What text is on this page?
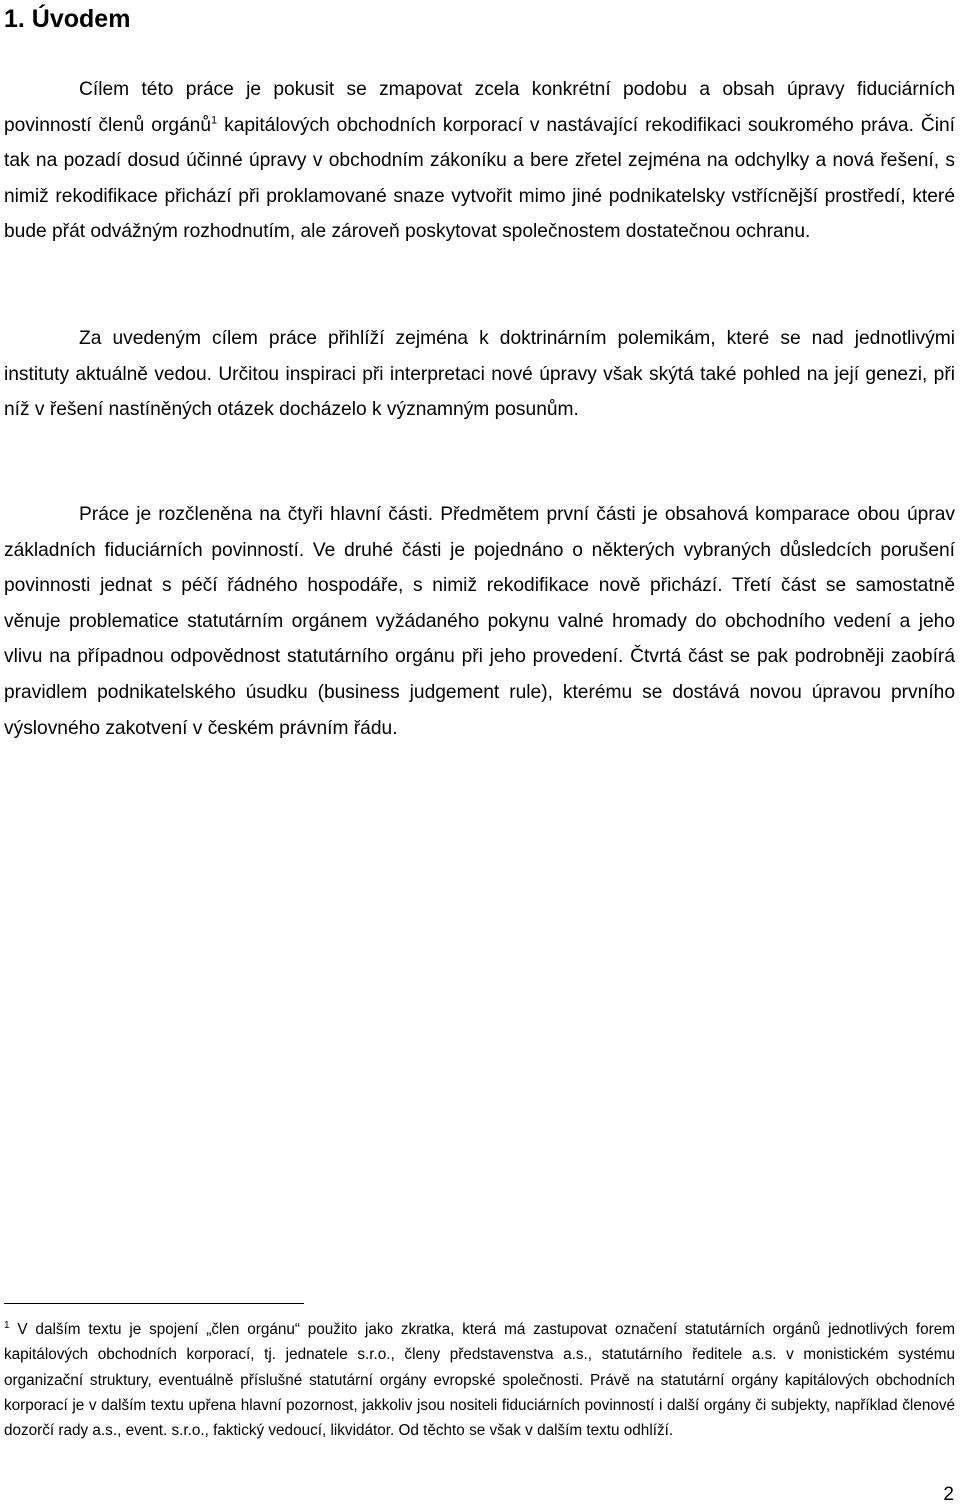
1. Úvodem

Cílem této práce je pokusit se zmapovat zcela konkrétní podobu a obsah úpravy fiduciárních povinností členů orgánů$^1$ kapitálových obchodních korporací v nastávající rekodifikaci soukromého práva. Činí tak na pozadí dosud účinné úpravy v obchodním zákoníku a bere zřetel zejména na odchylky a nová řešení, s nimiž rekodifikace přichází při proklamované snaze vytvořit mimo jiné podnikatelsky vstřícnější prostředí, které bude přát odvážným rozhodnutím, ale zároveň poskytovat společnostem dostatečnou ochranu.

Za uvedeným cílem práce přihlíží zejména k doktrinárním polemikám, které se nad jednotlivými instituty aktuálně vedou. Určitou inspiraci při interpretaci nové úpravy však skýtá také pohled na její genezi, při níž v řešení nastíněných otázek docházelo k významným posunům.

Práce je rozčleněna na čtyři hlavní části. Předmětem první části je obsahová komparace obou úprav základních fiduciárních povinností. Ve druhé části je pojednáno o některých vybraných důsledcích porušení povinnosti jednat s péčí řádného hospodáře, s nimiž rekodifikace nově přichází. Třetí část se samostatně věnuje problematice statutárním orgánem vyžádaného pokynu valné hromady do obchodního vedení a jeho vlivu na případnou odpovědnost statutárního orgánu při jeho provedení. Čtvrtá část se pak podrobněji zaobírá pravidlem podnikatelského úsudku (business judgement rule), kterému se dostává novou úpravou prvního výslovného zakotvení v českém právním řádu.

$^1$ V dalším textu je spojení „člen orgánu“ použito jako zkratka, která má zastupovat označení statutárních orgánů jednotlivých forem kapitálových obchodních korporací, tj. jednatele s.r.o., členy představenstva a.s., statutárního ředitele a.s. v monistickém systému organizační struktury, eventuálně příslušné statutární orgány evropské společnosti. Právě na statutární orgány kapitálových obchodních korporací je v dalším textu upřena hlavní pozornost, jakkoliv jsou nositeli fiduciárních povinností i další orgány či subjekty, například členové dozorčí rady a.s., event. s.r.o., faktický vedoucí, likvidátor. Od těchto se však v dalším textu odhlíží.

2
